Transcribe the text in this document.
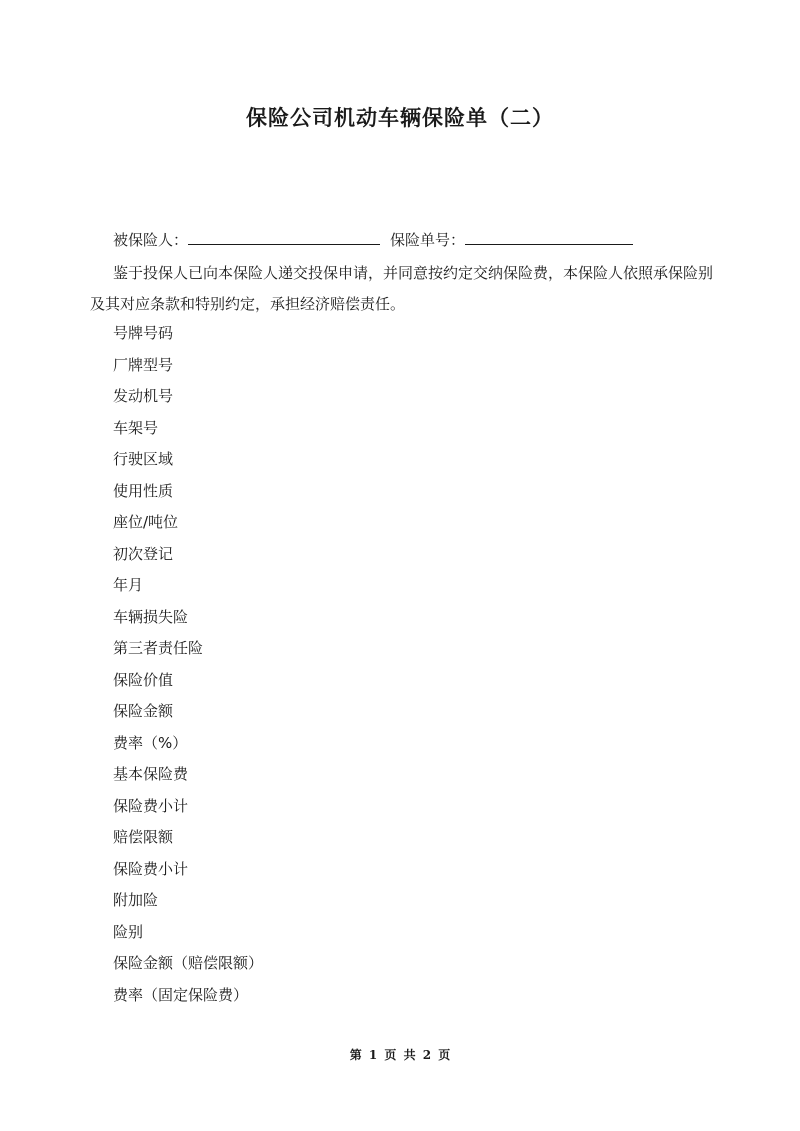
保险公司机动车辆保险单（二）
被保险人：	保险单号：

鉴于投保人已向本保险人递交投保申请，并同意按约定交纳保险费，本保险人依照承保险别及其对应条款和特别约定，承担经济赔偿责任。

号牌号码
厂牌型号
发动机号
车架号
行驶区域
使用性质
座位/吨位
初次登记
年月
车辆损失险
第三者责任险
保险价值
保险金额
费率（%）
基本保险费
保险费小计
赔偿限额
保险费小计
附加险
险别
保险金额（赔偿限额）
费率（固定保险费）
第 1 页 共 2 页
